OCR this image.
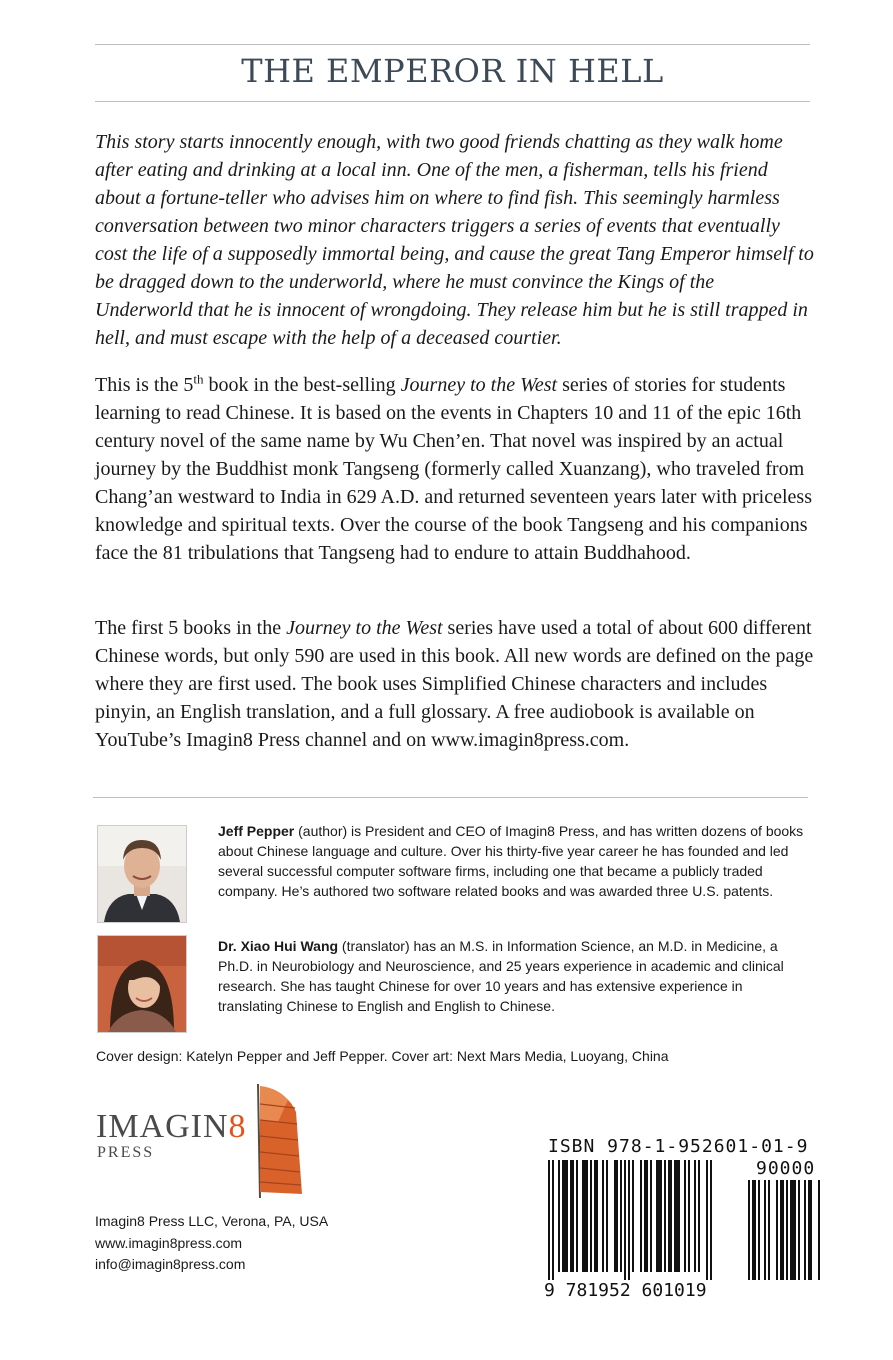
THE EMPEROR IN HELL

This story starts innocently enough, with two good friends chatting as they walk home after eating and drinking at a local inn. One of the men, a fisherman, tells his friend about a fortune-teller who advises him on where to find fish. This seemingly harmless conversation between two minor characters triggers a series of events that eventually cost the life of a supposedly immortal being, and cause the great Tang Emperor himself to be dragged down to the underworld, where he must convince the Kings of the Underworld that he is innocent of wrongdoing. They release him but he is still trapped in hell, and must escape with the help of a deceased courtier.

This is the 5th book in the best-selling Journey to the West series of stories for students learning to read Chinese. It is based on the events in Chapters 10 and 11 of the epic 16th century novel of the same name by Wu Chen’en. That novel was inspired by an actual journey by the Buddhist monk Tangseng (formerly called Xuanzang), who traveled from Chang’an westward to India in 629 A.D. and returned seventeen years later with priceless knowledge and spiritual texts. Over the course of the book Tangseng and his companions face the 81 tribulations that Tangseng had to endure to attain Buddhahood.

The first 5 books in the Journey to the West series have used a total of about 600 different Chinese words, but only 590 are used in this book. All new words are defined on the page where they are first used. The book uses Simplified Chinese characters and includes pinyin, an English translation, and a full glossary. A free audiobook is available on YouTube’s Imagin8 Press channel and on www.imagin8press.com.

Jeff Pepper (author) is President and CEO of Imagin8 Press, and has written dozens of books about Chinese language and culture. Over his thirty-five year career he has founded and led several successful computer software firms, including one that became a publicly traded company. He’s authored two software related books and was awarded three U.S. patents.

Dr. Xiao Hui Wang (translator) has an M.S. in Information Science, an M.D. in Medicine, a Ph.D. in Neurobiology and Neuroscience, and 25 years experience in academic and clinical research. She has taught Chinese for over 10 years and has extensive experience in translating Chinese to English and English to Chinese.

Cover design: Katelyn Pepper and Jeff Pepper. Cover art: Next Mars Media, Luoyang, China
IMAGIN8
PRESS
Imagin8 Press LLC, Verona, PA, USA
www.imagin8press.com
info@imagin8press.com
ISBN 978-1-952601-01-9
90000
9 781952 601019
